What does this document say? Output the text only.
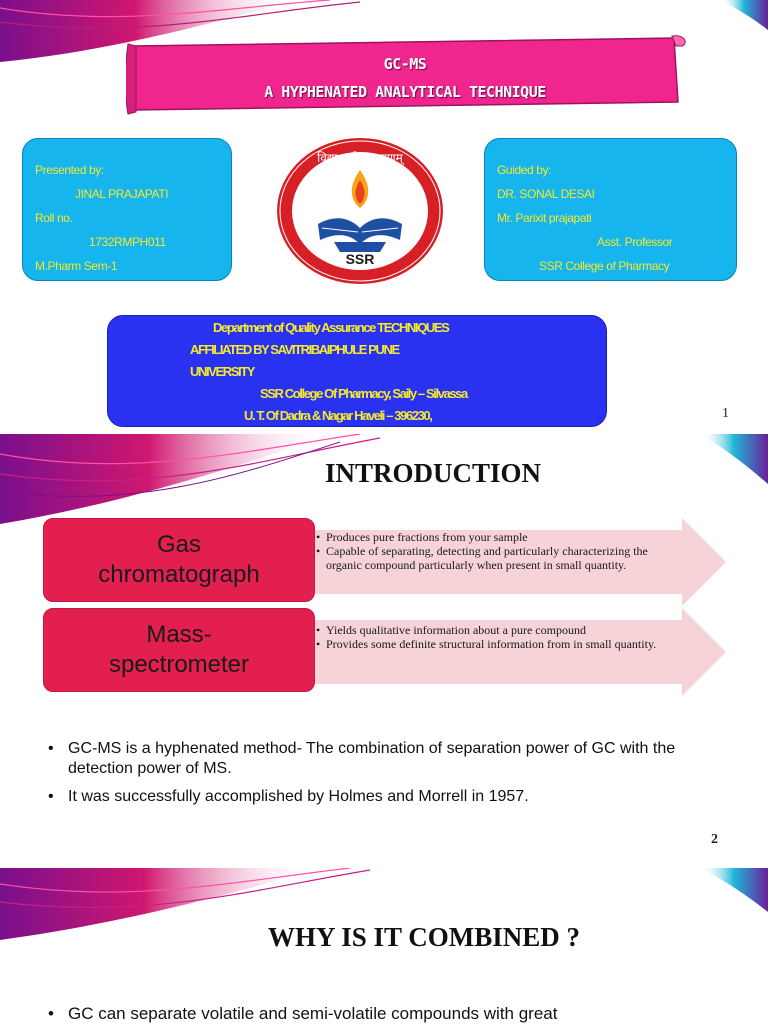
GC-MS
A HYPHENATED ANALYTICAL TECHNIQUE
Presented by:
JINAL PRAJAPATI
Roll no.
1732RMPH011
M.Pharm Sem-1	SSR
विद्या सर्वस्य भूषणम्
Guided by:
DR. SONAL DESAI
Mr. Parixit prajapati
Asst. Professor
SSR College of Pharmacy
Department of Quality Assurance TECHNIQUES
AFFILIATED BY SAVITRIBAIPHULE PUNE
UNIVERSITY
SSR College Of Pharmacy, Saily – Silvassa
U. T. Of Dadra & Nagar Haveli – 396230,	1
INTRODUCTION
Gas
chromatograph
• Produces pure fractions from your sample
• Capable of separating, detecting and particularly characterizing the organic compound particularly when present in small quantity.
Mass-
spectrometer
• Yields qualitative information about a pure compound
• Provides some definite structural information from in small quantity.
• GC-MS is a hyphenated method- The combination of separation power of GC with the detection power of MS.
• It was successfully accomplished by Holmes and Morrell in 1957.
2
WHY IS IT COMBINED ?
• GC can separate volatile and semi-volatile compounds with great
